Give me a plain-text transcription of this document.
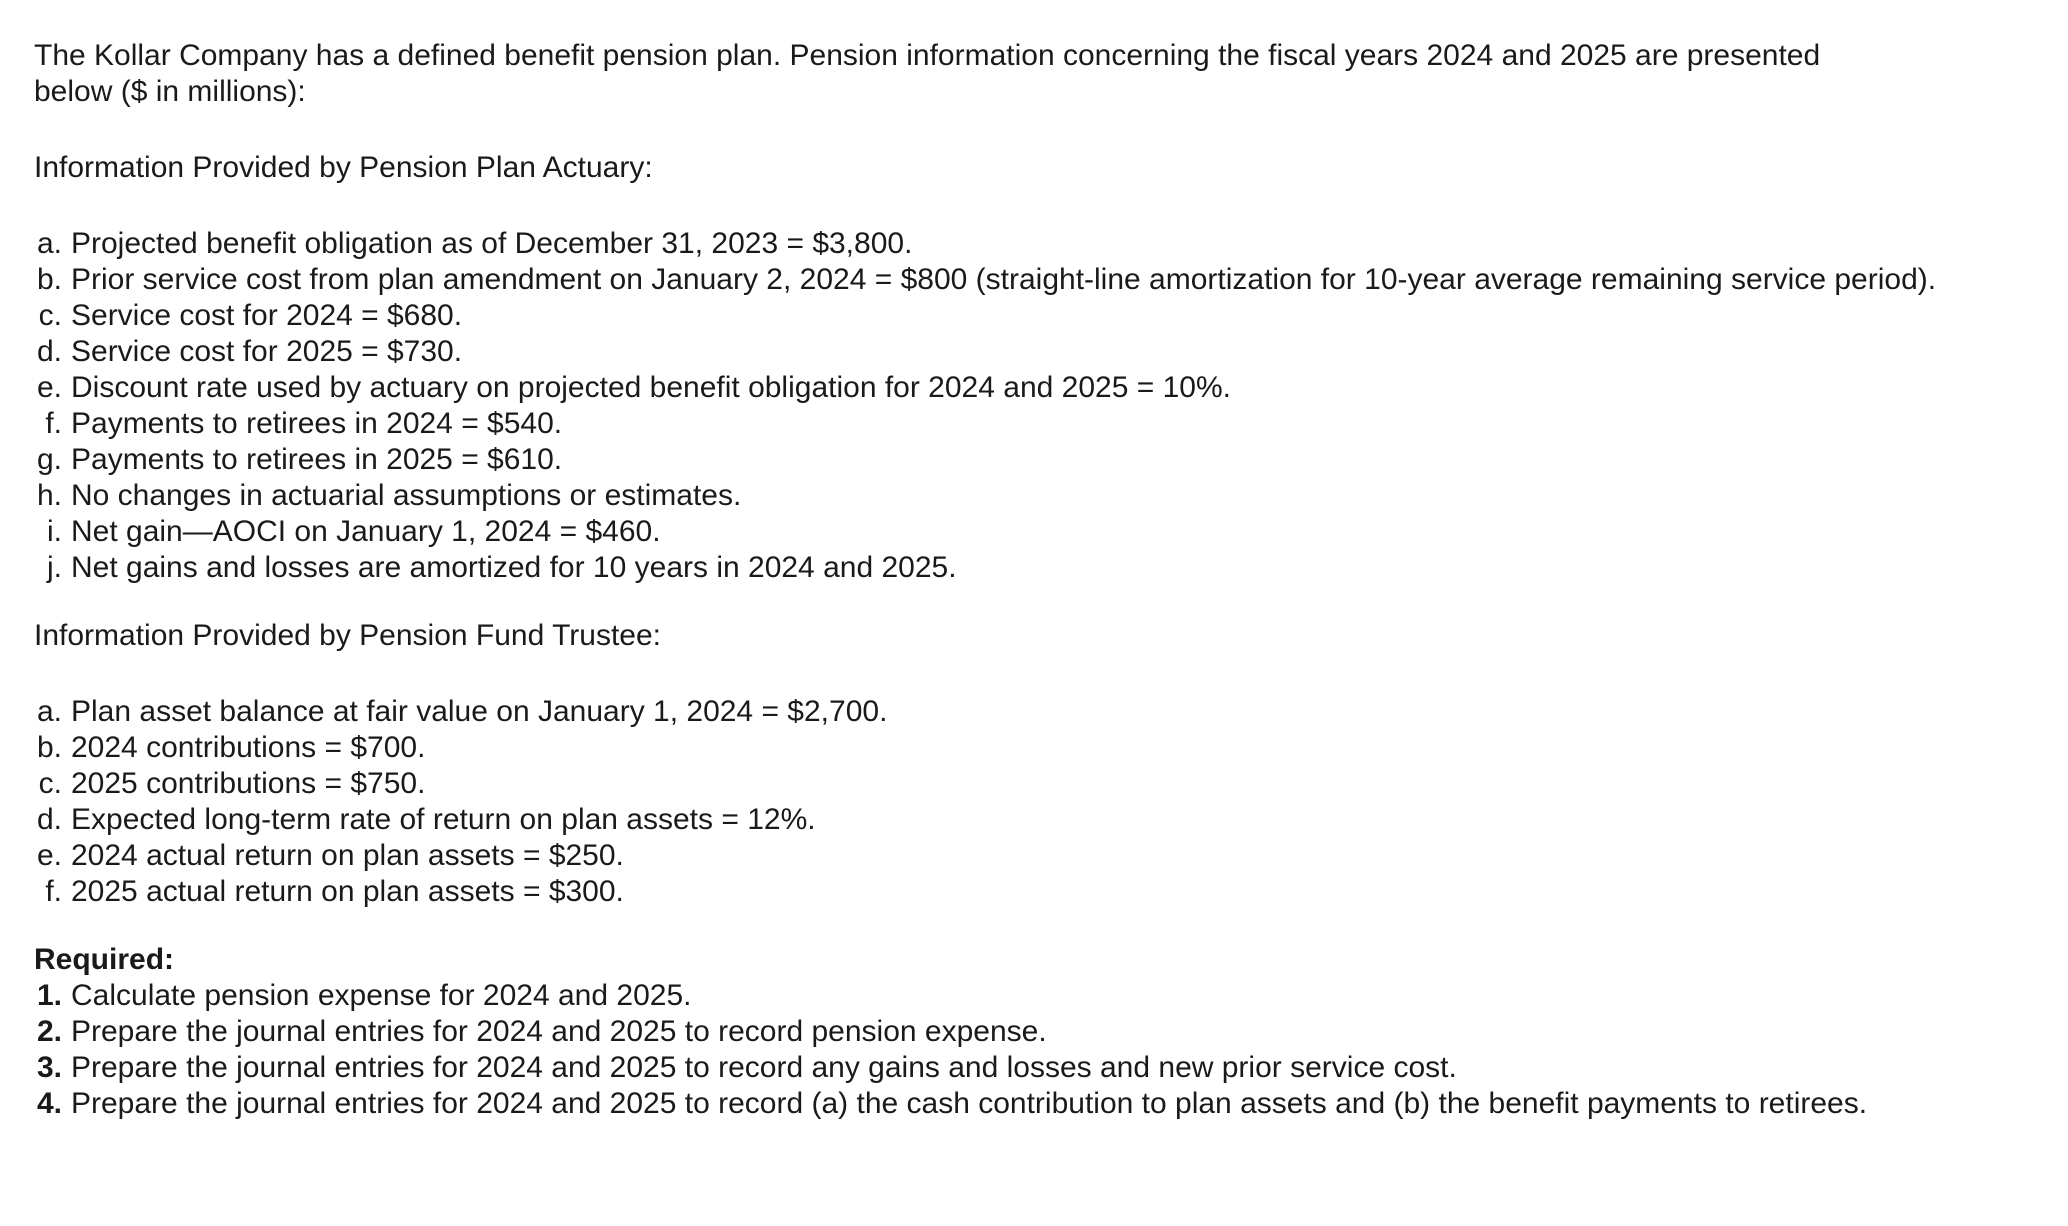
The Kollar Company has a defined benefit pension plan. Pension information concerning the fiscal years 2024 and 2025 are presented below ($ in millions):

Information Provided by Pension Plan Actuary:

a. Projected benefit obligation as of December 31, 2023 = $3,800.
b. Prior service cost from plan amendment on January 2, 2024 = $800 (straight-line amortization for 10-year average remaining service period).
c. Service cost for 2024 = $680.
d. Service cost for 2025 = $730.
e. Discount rate used by actuary on projected benefit obligation for 2024 and 2025 = 10%.
f. Payments to retirees in 2024 = $540.
g. Payments to retirees in 2025 = $610.
h. No changes in actuarial assumptions or estimates.
i. Net gain—AOCI on January 1, 2024 = $460.
j. Net gains and losses are amortized for 10 years in 2024 and 2025.

Information Provided by Pension Fund Trustee:

a. Plan asset balance at fair value on January 1, 2024 = $2,700.
b. 2024 contributions = $700.
c. 2025 contributions = $750.
d. Expected long-term rate of return on plan assets = 12%.
e. 2024 actual return on plan assets = $250.
f. 2025 actual return on plan assets = $300.

Required:

1. Calculate pension expense for 2024 and 2025.
2. Prepare the journal entries for 2024 and 2025 to record pension expense.
3. Prepare the journal entries for 2024 and 2025 to record any gains and losses and new prior service cost.
4. Prepare the journal entries for 2024 and 2025 to record (a) the cash contribution to plan assets and (b) the benefit payments to retirees.
